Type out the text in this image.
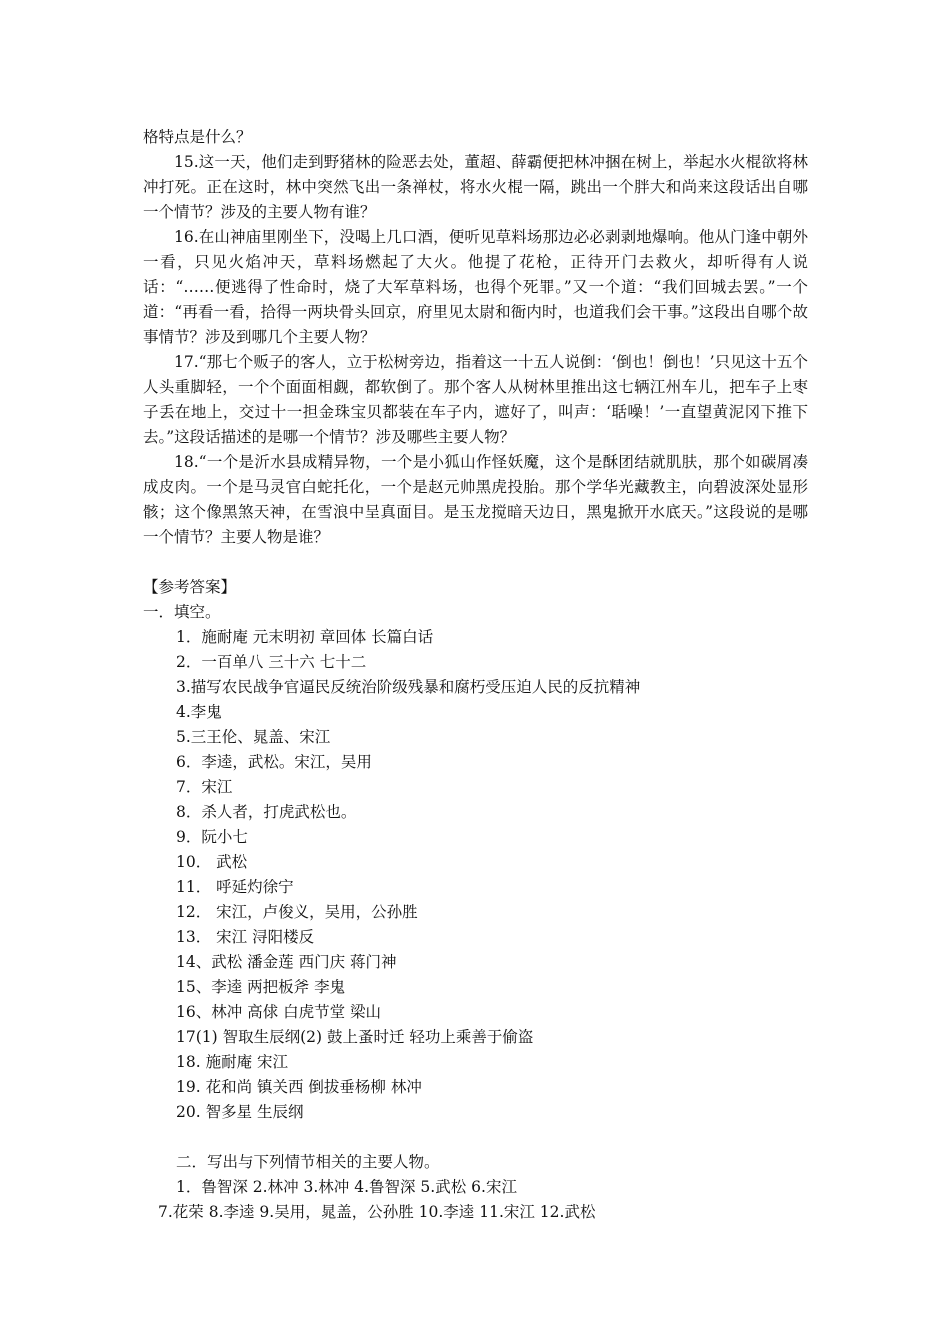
格特点是什么？

15.这一天，他们走到野猪林的险恶去处，董超、薛霸便把林冲捆在树上，举起水火棍欲将林冲打死。正在这时，林中突然飞出一条禅杖，将水火棍一隔，跳出一个胖大和尚来这段话出自哪一个情节？涉及的主要人物有谁？

16.在山神庙里刚坐下，没喝上几口酒，便听见草料场那边必必剥剥地爆响。他从门逢中朝外一看，只见火焰冲天，草料场燃起了大火。他提了花枪，正待开门去救火，却听得有人说话：“……便逃得了性命时，烧了大军草料场，也得个死罪。”又一个道：“我们回城去罢。”一个道：“再看一看，拾得一两块骨头回京，府里见太尉和衙内时，也道我们会干事。”这段出自哪个故事情节？涉及到哪几个主要人物？

17.“那七个贩子的客人，立于松树旁边，指着这一十五人说倒：‘倒也！倒也！’只见这十五个人头重脚轻，一个个面面相觑，都软倒了。那个客人从树林里推出这七辆江州车儿，把车子上枣子丢在地上，交过十一担金珠宝贝都装在车子内，遮好了，叫声：‘聒噪！’一直望黄泥冈下推下去。”这段话描述的是哪一个情节？涉及哪些主要人物？

18.“一个是沂水县成精异物，一个是小狐山作怪妖魔，这个是酥团结就肌肤，那个如碳屑凑成皮肉。一个是马灵官白蛇托化，一个是赵元帅黑虎投胎。那个学华光藏教主，向碧波深处显形骸；这个像黑煞天神，在雪浪中呈真面目。是玉龙搅暗天边日，黑鬼掀开水底天。”这段说的是哪一个情节？主要人物是谁？

【参考答案】
一．填空。
1．施耐庵 元末明初 章回体 长篇白话
2．一百单八 三十六 七十二
3.描写农民战争官逼民反统治阶级残暴和腐朽受压迫人民的反抗精神
4.李鬼
5.三王伦、晁盖、宋江
6．李逵，武松。宋江，吴用
7．宋江
8．杀人者，打虎武松也。
9．阮小七
10． 武松
11． 呼延灼徐宁
12． 宋江，卢俊义，吴用，公孙胜
13． 宋江 浔阳楼反
14、武松 潘金莲 西门庆 蒋门神
15、李逵 两把板斧 李鬼
16、林冲 高俅 白虎节堂 梁山
17(1) 智取生辰纲(2) 鼓上蚤时迁 轻功上乘善于偷盗
18. 施耐庵 宋江
19. 花和尚 镇关西 倒拔垂杨柳 林冲
20. 智多星 生辰纲
二．写出与下列情节相关的主要人物。
1．鲁智深 2.林冲 3.林冲 4.鲁智深 5.武松 6.宋江
7.花荣 8.李逵 9.吴用，晁盖，公孙胜 10.李逵 11.宋江 12.武松
